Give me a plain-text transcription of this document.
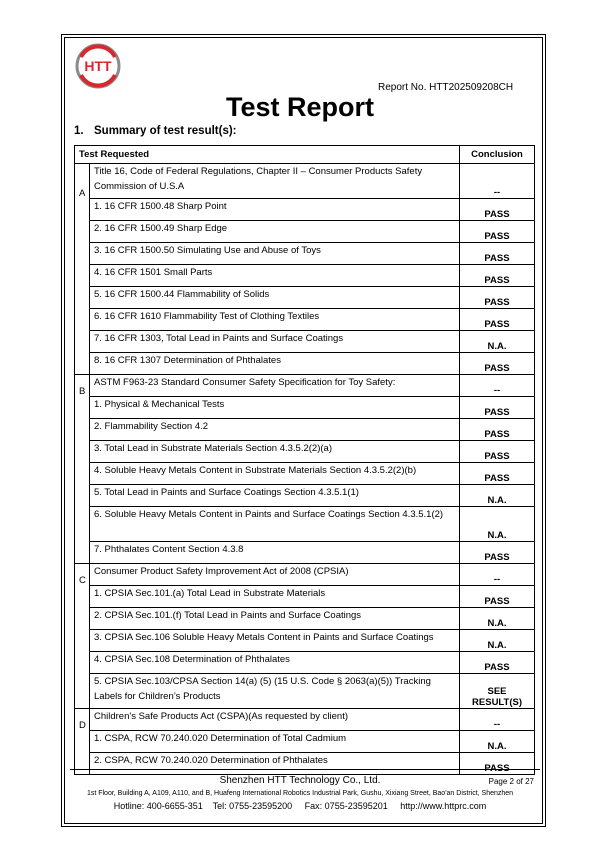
HTT
Report No. HTT202509208CH
Test Report
1. Summary of test result(s):
Test Requested		Conclusion
A	Title 16, Code of Federal Regulations, Chapter II – Consumer Products Safety Commission of U.S.A	--
	1. 16 CFR 1500.48 Sharp Point	PASS
	2. 16 CFR 1500.49 Sharp Edge	PASS
	3. 16 CFR 1500.50 Simulating Use and Abuse of Toys	PASS
	4. 16 CFR 1501 Small Parts	PASS
	5. 16 CFR 1500.44 Flammability of Solids	PASS
	6. 16 CFR 1610 Flammability Test of Clothing Textiles	PASS
	7. 16 CFR 1303, Total Lead in Paints and Surface Coatings	N.A.
	8. 16 CFR 1307 Determination of Phthalates	PASS
B	ASTM F963-23 Standard Consumer Safety Specification for Toy Safety:	--
	1. Physical & Mechanical Tests	PASS
	2. Flammability Section 4.2	PASS
	3. Total Lead in Substrate Materials Section 4.3.5.2(2)(a)	PASS
	4. Soluble Heavy Metals Content in Substrate Materials Section 4.3.5.2(2)(b)	PASS
	5. Total Lead in Paints and Surface Coatings Section 4.3.5.1(1)	N.A.
	6. Soluble Heavy Metals Content in Paints and Surface Coatings Section 4.3.5.1(2)	N.A.
	7. Phthalates Content Section 4.3.8	PASS
C	Consumer Product Safety Improvement Act of 2008 (CPSIA)	--
	1. CPSIA Sec.101.(a) Total Lead in Substrate Materials	PASS
	2. CPSIA Sec.101.(f) Total Lead in Paints and Surface Coatings	N.A.
	3. CPSIA Sec.106 Soluble Heavy Metals Content in Paints and Surface Coatings	N.A.
	4. CPSIA Sec.108 Determination of Phthalates	PASS
	5. CPSIA Sec.103/CPSA Section 14(a) (5) (15 U.S. Code § 2063(a)(5)) Tracking Labels for Children’s Products	SEE RESULT(S)
D	Children's Safe Products Act (CSPA)(As requested by client)	--
	1. CSPA, RCW 70.240.020 Determination of Total Cadmium	N.A.
	2. CSPA, RCW 70.240.020 Determination of Phthalates	PASS
Shenzhen HTT Technology Co., Ltd.	Page 2 of 27
1st Floor, Building A, A109, A110, and B, Huafeng International Robotics Industrial Park, Gushu, Xixiang Street, Bao'an District, Shenzhen
Hotline: 400-6655-351    Tel: 0755-23595200     Fax: 0755-23595201     http://www.httprc.com
